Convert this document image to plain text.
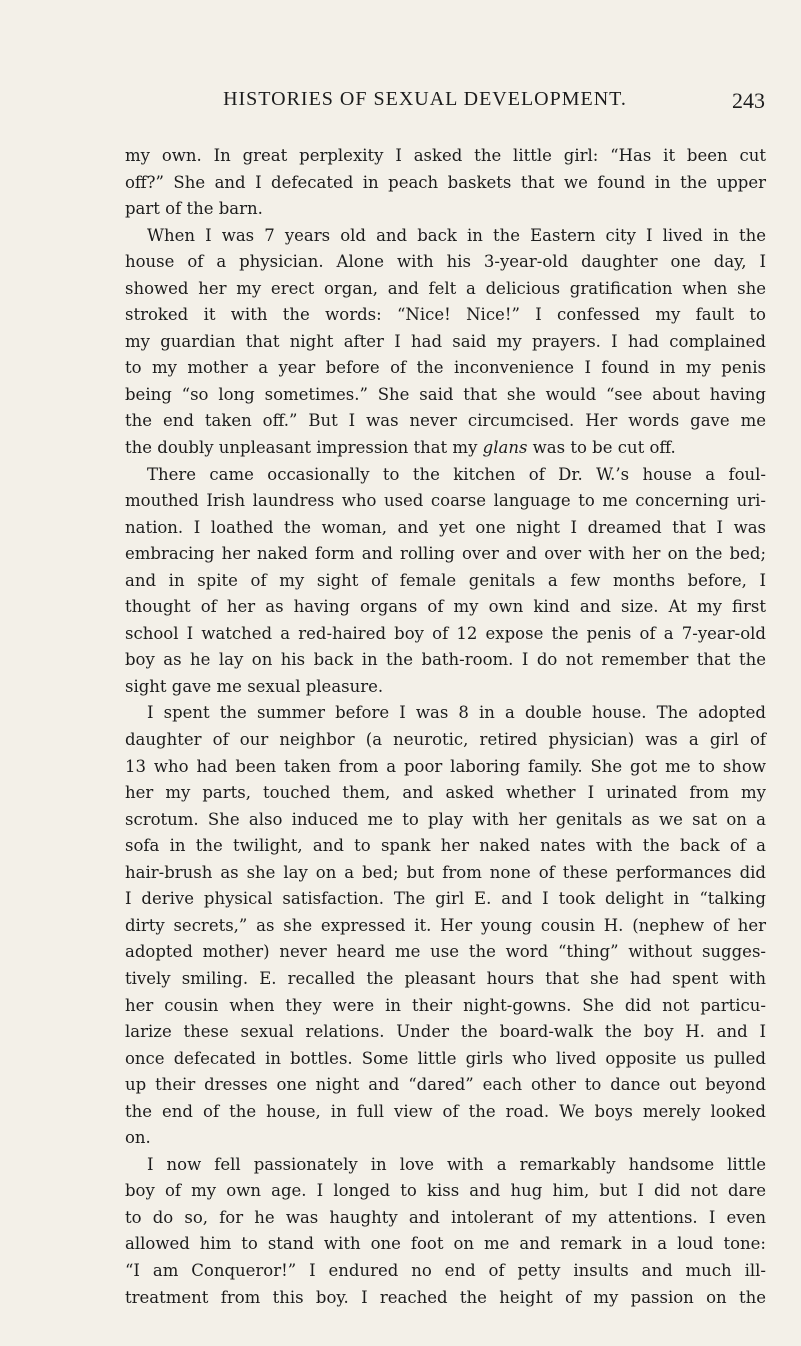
HISTORIES OF SEXUAL DEVELOPMENT.	243
my own. In great perplexity I asked the little girl: “Has it been cut
off?” She and I defecated in peach baskets that we found in the upper
part of the barn.
When I was 7 years old and back in the Eastern city I lived in the
house of a physician. Alone with his 3-year-old daughter one day, I
showed her my erect organ, and felt a delicious gratification when she
stroked it with the words: “Nice! Nice!” I confessed my fault to
my guardian that night after I had said my prayers. I had complained
to my mother a year before of the inconvenience I found in my penis
being “so long sometimes.” She said that she would “see about having
the end taken off.” But I was never circumcised. Her words gave me
the doubly unpleasant impression that my glans was to be cut off.
There came occasionally to the kitchen of Dr. W.’s house a foul-
mouthed Irish laundress who used coarse language to me concerning uri-
nation. I loathed the woman, and yet one night I dreamed that I was
embracing her naked form and rolling over and over with her on the bed;
and in spite of my sight of female genitals a few months before, I
thought of her as having organs of my own kind and size. At my first
school I watched a red-haired boy of 12 expose the penis of a 7-year-old
boy as he lay on his back in the bath-room. I do not remember that the
sight gave me sexual pleasure.
I spent the summer before I was 8 in a double house. The adopted
daughter of our neighbor (a neurotic, retired physician) was a girl of
13 who had been taken from a poor laboring family. She got me to show
her my parts, touched them, and asked whether I urinated from my
scrotum. She also induced me to play with her genitals as we sat on a
sofa in the twilight, and to spank her naked nates with the back of a
hair-brush as she lay on a bed; but from none of these performances did
I derive physical satisfaction. The girl E. and I took delight in “talking
dirty secrets,” as she expressed it. Her young cousin H. (nephew of her
adopted mother) never heard me use the word “thing” without sugges-
tively smiling. E. recalled the pleasant hours that she had spent with
her cousin when they were in their night-gowns. She did not particu-
larize these sexual relations. Under the board-walk the boy H. and I
once defecated in bottles. Some little girls who lived opposite us pulled
up their dresses one night and “dared” each other to dance out beyond
the end of the house, in full view of the road. We boys merely looked
on.
I now fell passionately in love with a remarkably handsome little
boy of my own age. I longed to kiss and hug him, but I did not dare
to do so, for he was haughty and intolerant of my attentions. I even
allowed him to stand with one foot on me and remark in a loud tone:
“I am Conqueror!” I endured no end of petty insults and much ill-
treatment from this boy. I reached the height of my passion on the
